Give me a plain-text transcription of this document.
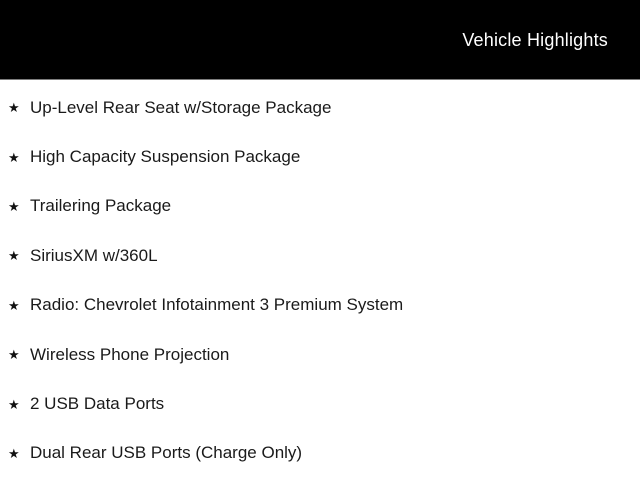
Vehicle Highlights
★ Up-Level Rear Seat w/Storage Package
★ High Capacity Suspension Package
★ Trailering Package
★ SiriusXM w/360L
★ Radio: Chevrolet Infotainment 3 Premium System
★ Wireless Phone Projection
★ 2 USB Data Ports
★ Dual Rear USB Ports (Charge Only)
